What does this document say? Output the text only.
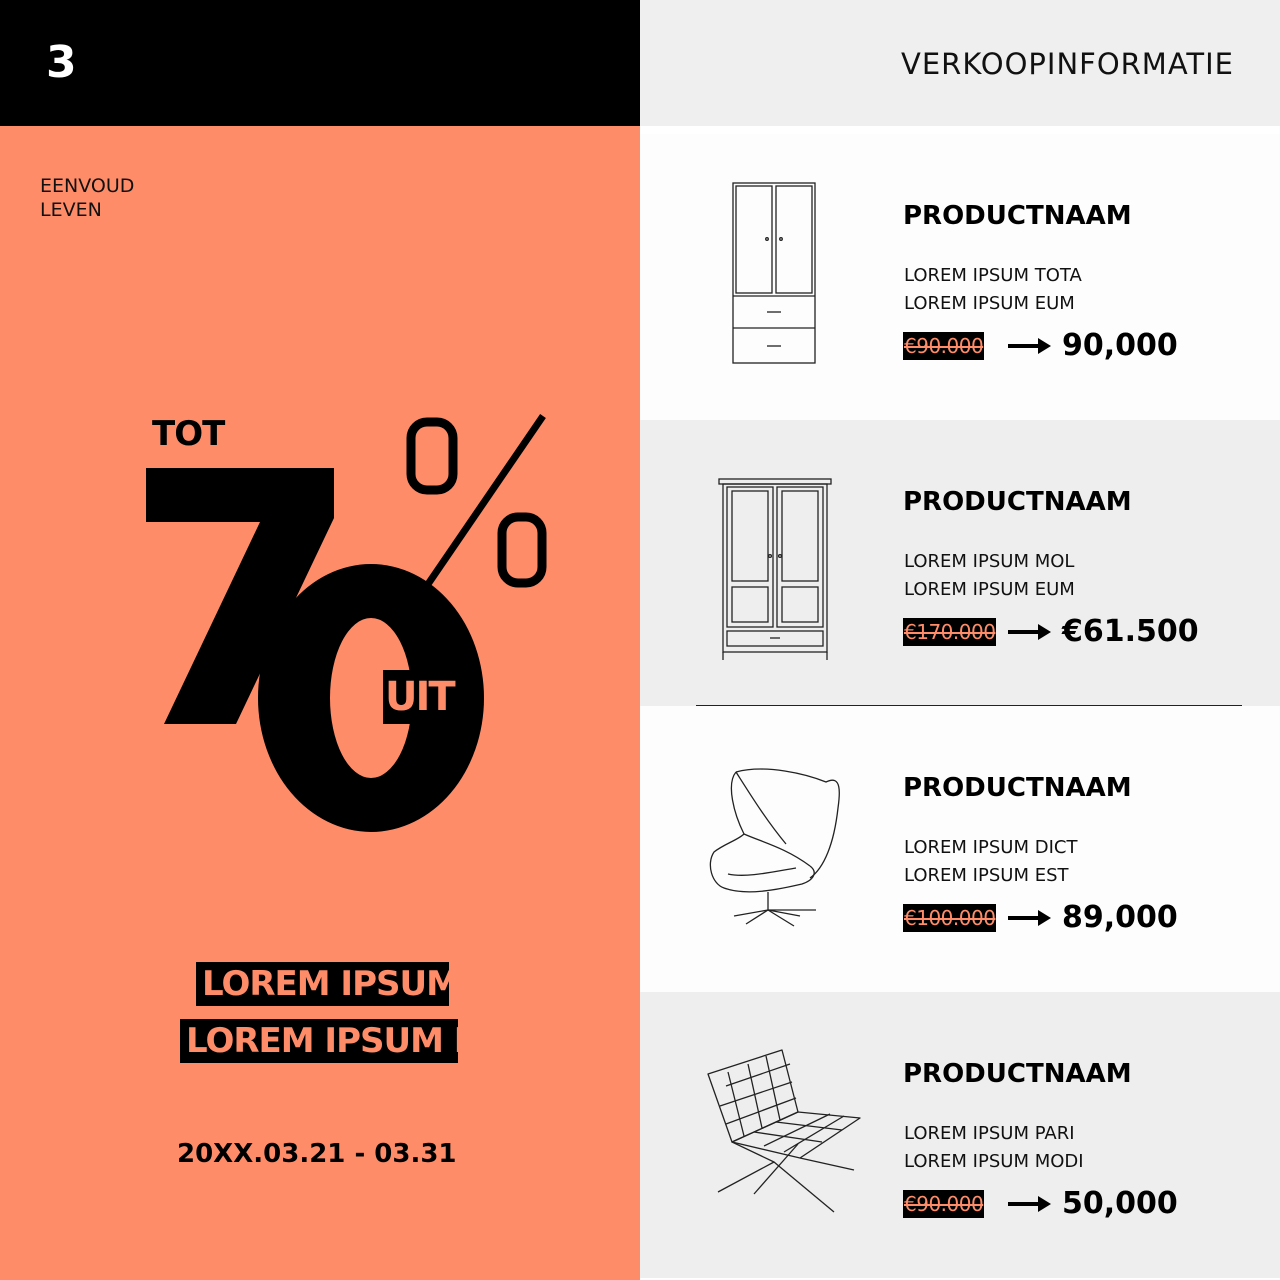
3	VERKOOPINFORMATIE
EENVOUD
LEVEN
TOT
UIT
LOREM IPSUM
LOREM IPSUM D
20XX.03.21 - 03.31
PRODUCTNAAM
LOREM IPSUM TOTA
LOREM IPSUM EUM
€90.000	90,000
PRODUCTNAAM
LOREM IPSUM MOL
LOREM IPSUM EUM
€170.000 €61.500
PRODUCTNAAM
LOREM IPSUM DICT
LOREM IPSUM EST
€100.000 89,000
PRODUCTNAAM
LOREM IPSUM PARI
LOREM IPSUM MODI
€90.000	50,000
